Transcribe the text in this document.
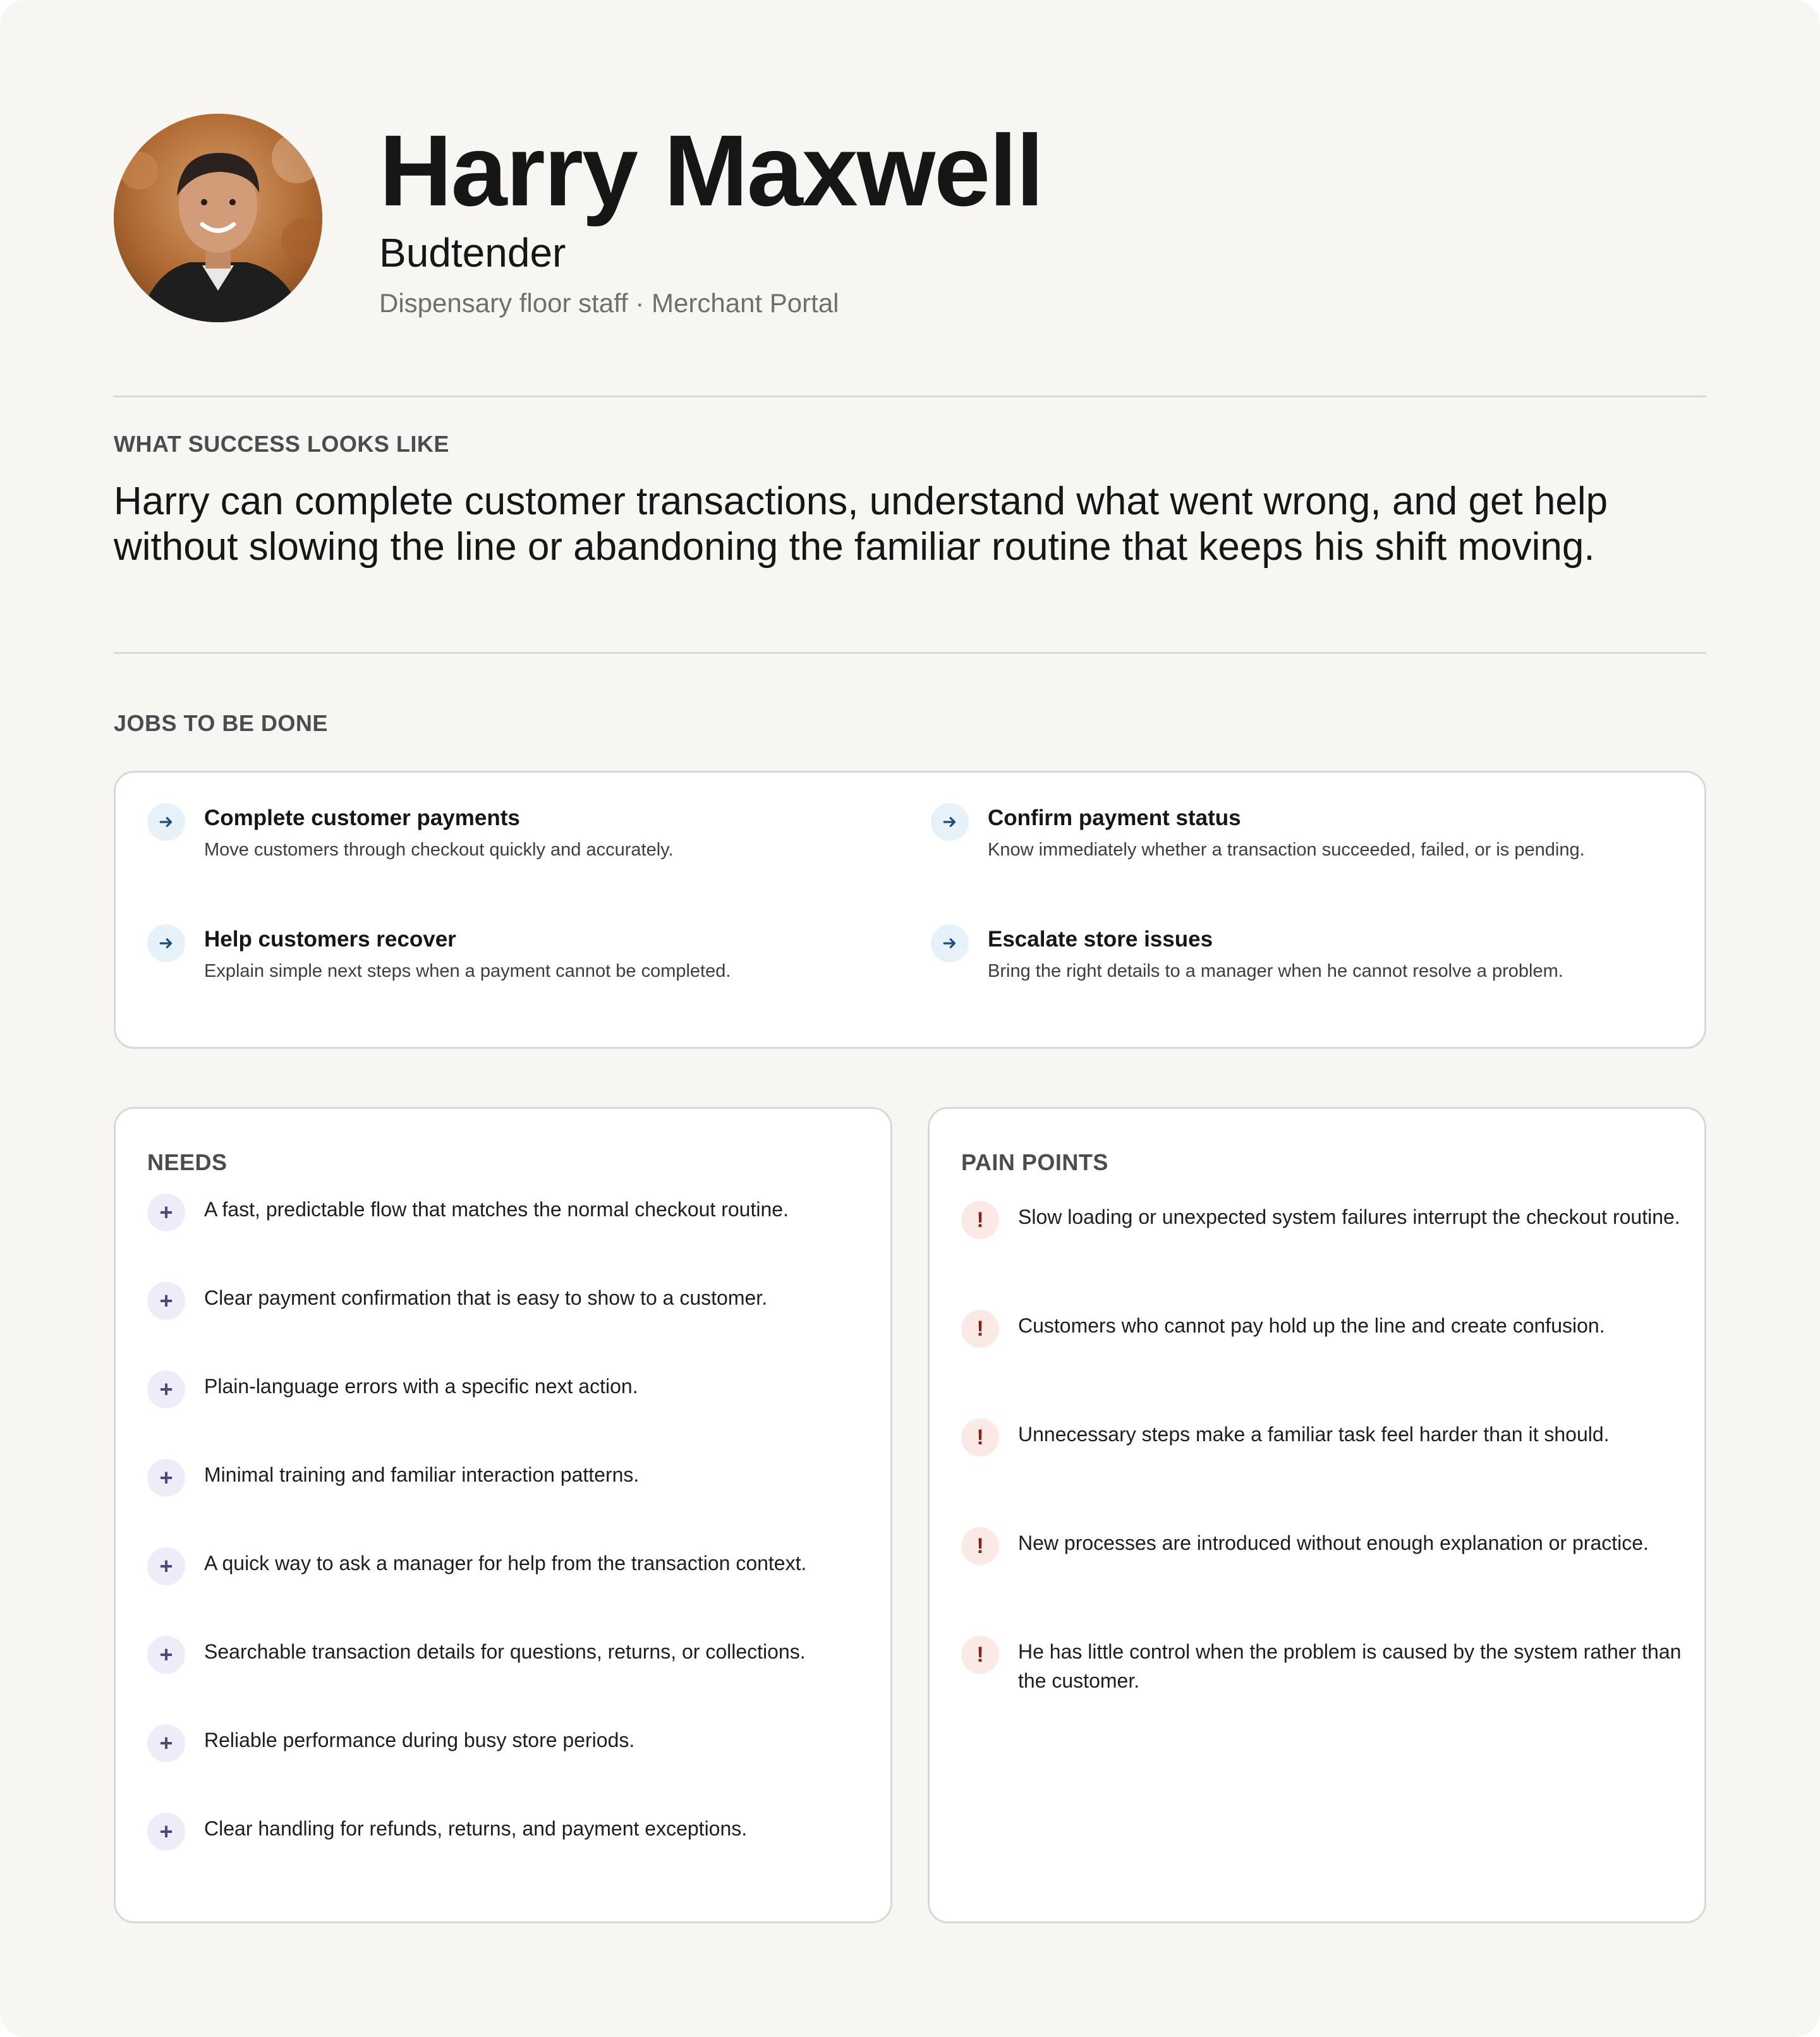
Harry Maxwell
Budtender
Dispensary floor staff · Merchant Portal
WHAT SUCCESS LOOKS LIKE

Harry can complete customer transactions, understand what went wrong, and get help without slowing the line or abandoning the familiar routine that keeps his shift moving.

JOBS TO BE DONE
Complete customer payments
Move customers through checkout quickly and accurately.
Confirm payment status
Know immediately whether a transaction succeeded, failed, or is pending.
Help customers recover
Explain simple next steps when a payment cannot be completed.
Escalate store issues
Bring the right details to a manager when he cannot resolve a problem.
NEEDS
+	A fast, predictable flow that matches the normal checkout routine.
+	Clear payment confirmation that is easy to show to a customer.
+	Plain-language errors with a specific next action.
+	Minimal training and familiar interaction patterns.
+	A quick way to ask a manager for help from the transaction context.
+	Searchable transaction details for questions, returns, or collections.
+	Reliable performance during busy store periods.
+	Clear handling for refunds, returns, and payment exceptions.
PAIN POINTS
!	Slow loading or unexpected system failures interrupt the checkout routine.
!	Customers who cannot pay hold up the line and create confusion.
!	Unnecessary steps make a familiar task feel harder than it should.
!	New processes are introduced without enough explanation or practice.
!	He has little control when the problem is caused by the system rather than the customer.
